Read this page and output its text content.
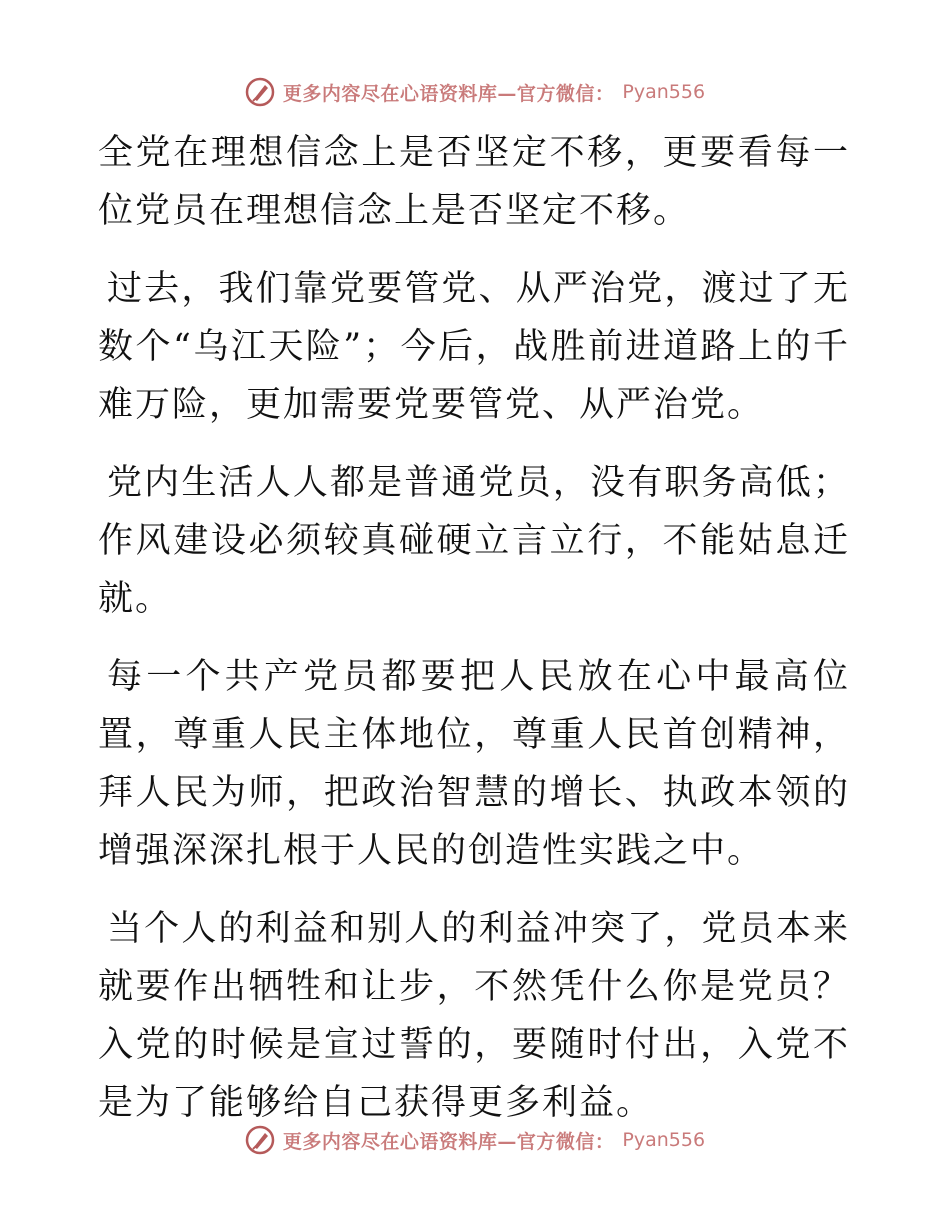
更多内容尽在心语资料库—官方微信： Pyan556

全党在理想信念上是否坚定不移，更要看每一位党员在理想信念上是否坚定不移。

过去，我们靠党要管党、从严治党，渡过了无数个“乌江天险”；今后，战胜前进道路上的千难万险，更加需要党要管党、从严治党。

党内生活人人都是普通党员，没有职务高低；作风建设必须较真碰硬立言立行，不能姑息迁就。

每一个共产党员都要把人民放在心中最高位置，尊重人民主体地位，尊重人民首创精神，拜人民为师，把政治智慧的增长、执政本领的增强深深扎根于人民的创造性实践之中。

当个人的利益和别人的利益冲突了，党员本来就要作出牺牲和让步，不然凭什么你是党员？入党的时候是宣过誓的，要随时付出，入党不是为了能够给自己获得更多利益。

更多内容尽在心语资料库—官方微信： Pyan556
